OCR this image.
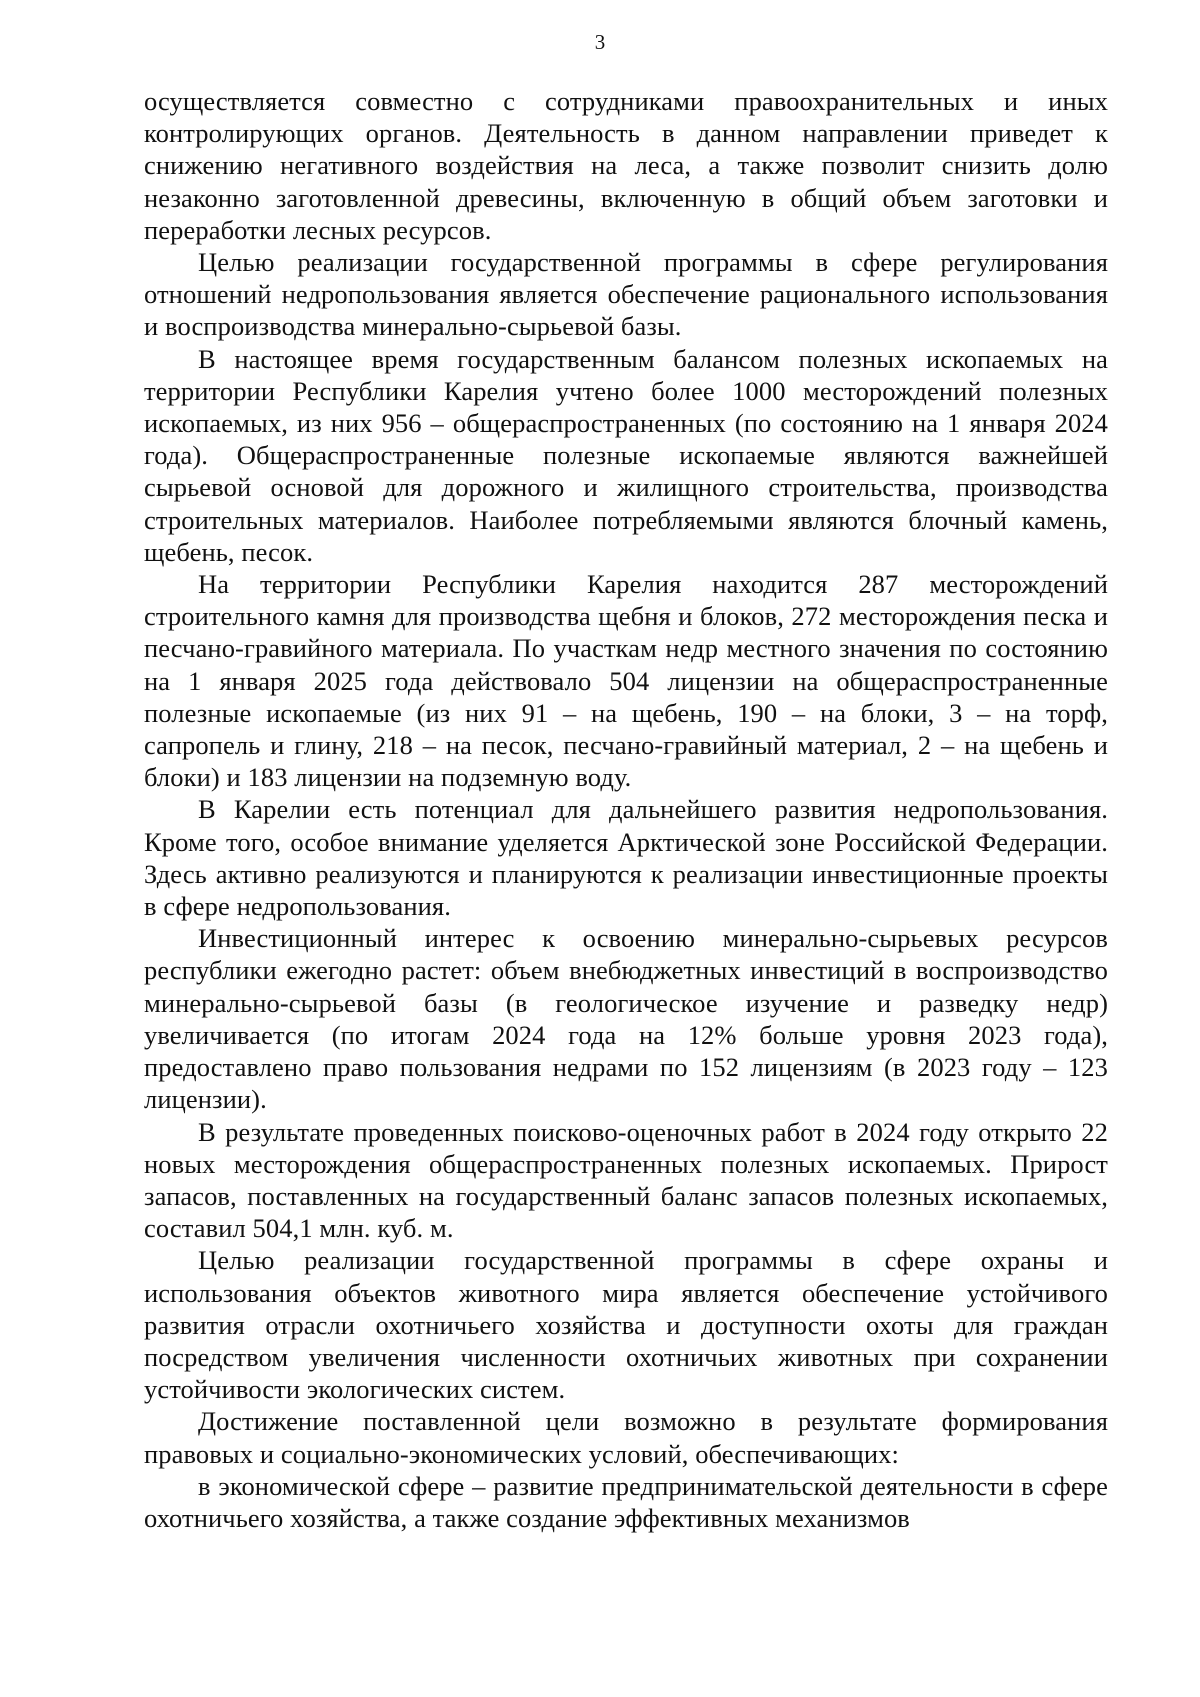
3

осуществляется совместно с сотрудниками правоохранительных и иных контролирующих органов. Деятельность в данном направлении приведет к снижению негативного воздействия на леса, а также позволит снизить долю незаконно заготовленной древесины, включенную в общий объем заготовки и переработки лесных ресурсов.

Целью реализации государственной программы в сфере регулирования отношений недропользования является обеспечение рационального использования и воспроизводства минерально-сырьевой базы.

В настоящее время государственным балансом полезных ископаемых на территории Республики Карелия учтено более 1000 месторождений полезных ископаемых, из них 956 – общераспространенных (по состоянию на 1 января 2024 года). Общераспространенные полезные ископаемые являются важнейшей сырьевой основой для дорожного и жилищного строительства, производства строительных материалов. Наиболее потребляемыми являются блочный камень, щебень, песок.

На территории Республики Карелия находится 287 месторождений строительного камня для производства щебня и блоков, 272 месторождения песка и песчано-гравийного материала. По участкам недр местного значения по состоянию на 1 января 2025 года действовало 504 лицензии на общераспространенные полезные ископаемые (из них 91 – на щебень, 190 – на блоки, 3 – на торф, сапропель и глину, 218 – на песок, песчано-гравийный материал, 2 – на щебень и блоки) и 183 лицензии на подземную воду.

В Карелии есть потенциал для дальнейшего развития недропользования. Кроме того, особое внимание уделяется Арктической зоне Российской Федерации. Здесь активно реализуются и планируются к реализации инвестиционные проекты в сфере недропользования.

Инвестиционный интерес к освоению минерально-сырьевых ресурсов республики ежегодно растет: объем внебюджетных инвестиций в воспроизводство минерально-сырьевой базы (в геологическое изучение и разведку недр) увеличивается (по итогам 2024 года на 12% больше уровня 2023 года), предоставлено право пользования недрами по 152 лицензиям (в 2023 году – 123 лицензии).

В результате проведенных поисково-оценочных работ в 2024 году открыто 22 новых месторождения общераспространенных полезных ископаемых. Прирост запасов, поставленных на государственный баланс запасов полезных ископаемых, составил 504,1 млн. куб. м.

Целью реализации государственной программы в сфере охраны и использования объектов животного мира является обеспечение устойчивого развития отрасли охотничьего хозяйства и доступности охоты для граждан посредством увеличения численности охотничьих животных при сохранении устойчивости экологических систем.

Достижение поставленной цели возможно в результате формирования правовых и социально-экономических условий, обеспечивающих:

в экономической сфере – развитие предпринимательской деятельности в сфере охотничьего хозяйства, а также создание эффективных механизмов
